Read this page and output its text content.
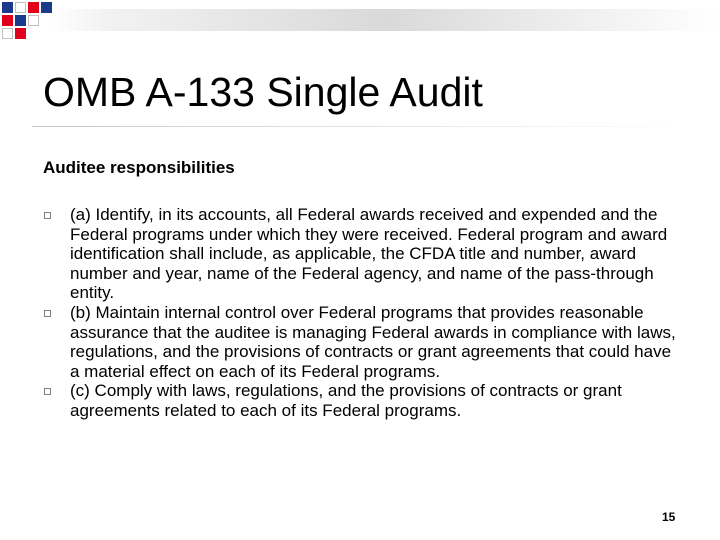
OMB A-133 Single Audit
Auditee responsibilities
(a) Identify, in its accounts, all Federal awards received and expended and the Federal programs under which they were received. Federal program and award identification shall include, as applicable, the CFDA title and number, award number and year, name of the Federal agency, and name of the pass-through entity.
(b) Maintain internal control over Federal programs that provides reasonable assurance that the auditee is managing Federal awards in compliance with laws, regulations, and the provisions of contracts or grant agreements that could have a material effect on each of its Federal programs.
(c) Comply with laws, regulations, and the provisions of contracts or grant agreements related to each of its Federal programs.
15
